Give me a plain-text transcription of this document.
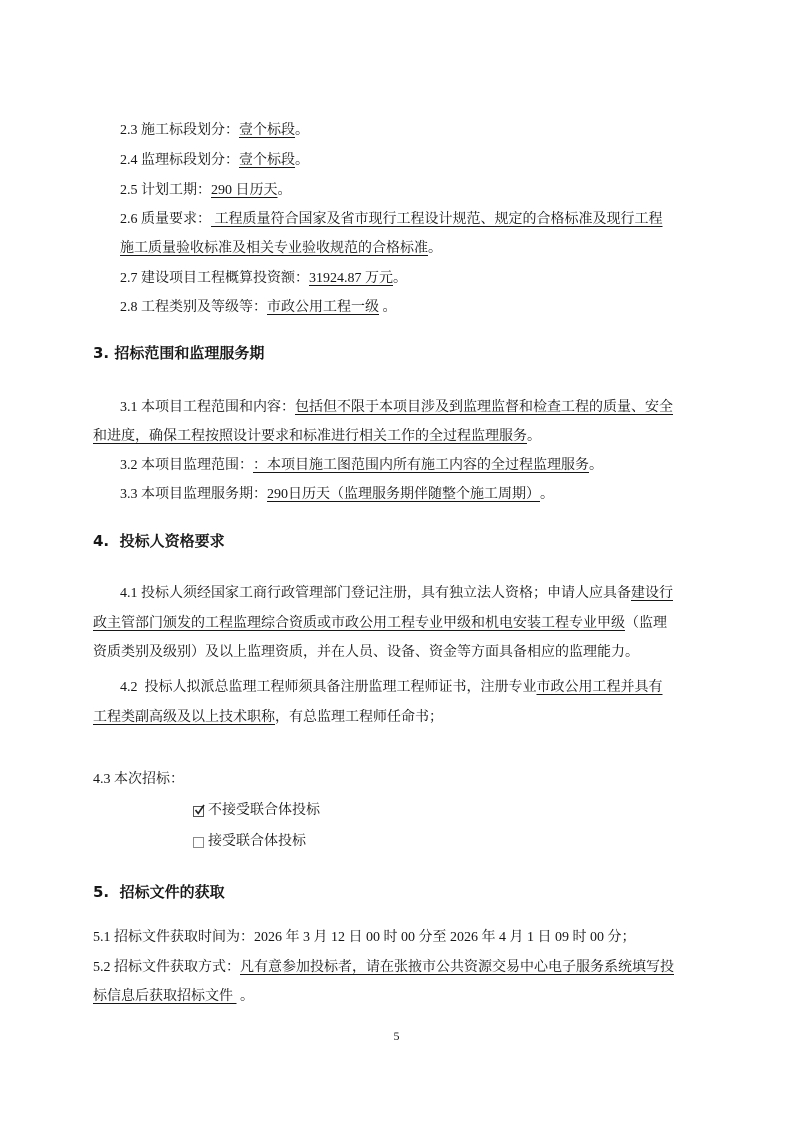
2.3 施工标段划分： 壹个标段 。
2.4 监理标段划分： 壹个标段 。
2.5 计划工期： 290 日历天 。
2.6 质量要求： 工程质量符合国家及省市现行工程设计规范、规定的合格标准及现行工程
施工质量验收标准及相关专业验收规范的合格标准 。
2.7 建设项目工程概算投资额： 31924.87 万元 。
2.8 工程类别及等级等： 市政公用工程一级 。
3. 招标范围和监理服务期
3.1 本项目工程范围和内容： 包括但不限于本项目涉及到监理监督和检查工程的质量、安全
和进度，确保工程按照设计要求和标准进行相关工作的全过程监理服务 。
3.2 本项目监理范围： ：本项目施工图范围内所有施工内容的全过程监理服务 。
3.3 本项目监理服务期： 290日历天（监理服务期伴随整个施工周期） 。
4.  投标人资格要求
4.1 投标人须经国家工商行政管理部门登记注册，具有独立法人资格；申请人应具备 建设行
政主管部门颁发的工程监理综合资质或市政公用工程专业甲级和机电安装工程专业甲级 （监理
资质类别及级别）及以上监理资质，并在人员、设备、资金等方面具备相应的监理能力。
4.2  投标人拟派总监理工程师须具备注册监理工程师证书，注册专业 市政公用工程并具有
工程类副高级及以上技术职称 ，有总监理工程师任命书；
4.3 本次招标：
不接受联合体投标
接受联合体投标
5.  招标文件的获取
5.1 招标文件获取时间为：2026 年 3 月 12 日 00 时 00 分至 2026 年 4 月 1 日 09 时 00 分；
5.2 招标文件获取方式： 凡有意参加投标者，请在张掖市公共资源交易中心电子服务系统填写投
标信息后获取招标文件 。
5
